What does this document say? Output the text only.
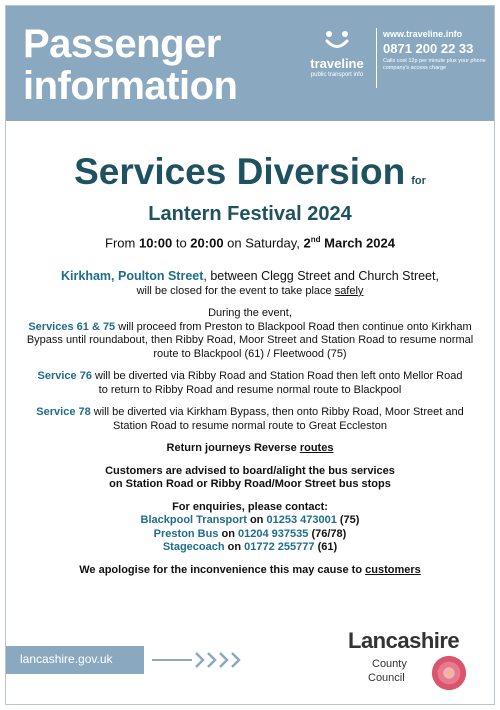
Passenger
information
traveline
public transport info
www.traveline.info
0871 200 22 33
Calls cost 12p per minute plus your phone company's access charge

Services Diversion for

Lantern Festival 2024

From 10:00 to 20:00 on Saturday, 2nd March 2024

Kirkham, Poulton Street, between Clegg Street and Church Street,
will be closed for the event to take place safely

During the event,

Services 61 & 75 will proceed from Preston to Blackpool Road then continue onto Kirkham Bypass until roundabout, then Ribby Road, Moor Street and Station Road to resume normal route to Blackpool (61) / Fleetwood (75)

Service 76 will be diverted via Ribby Road and Station Road then left onto Mellor Road to return to Ribby Road and resume normal route to Blackpool

Service 78 will be diverted via Kirkham Bypass, then onto Ribby Road, Moor Street and Station Road to resume normal route to Great Eccleston

Return journeys Reverse routes

Customers are advised to board/alight the bus services
on Station Road or Ribby Road/Moor Street bus stops

For enquiries, please contact:

Blackpool Transport on 01253 473001 (75)

Preston Bus on 01204 937535 (76/78)

Stagecoach on 01772 255777 (61)

We apologise for the inconvenience this may cause to customers

lancashire.gov.uk
Lancashire
County
Council
